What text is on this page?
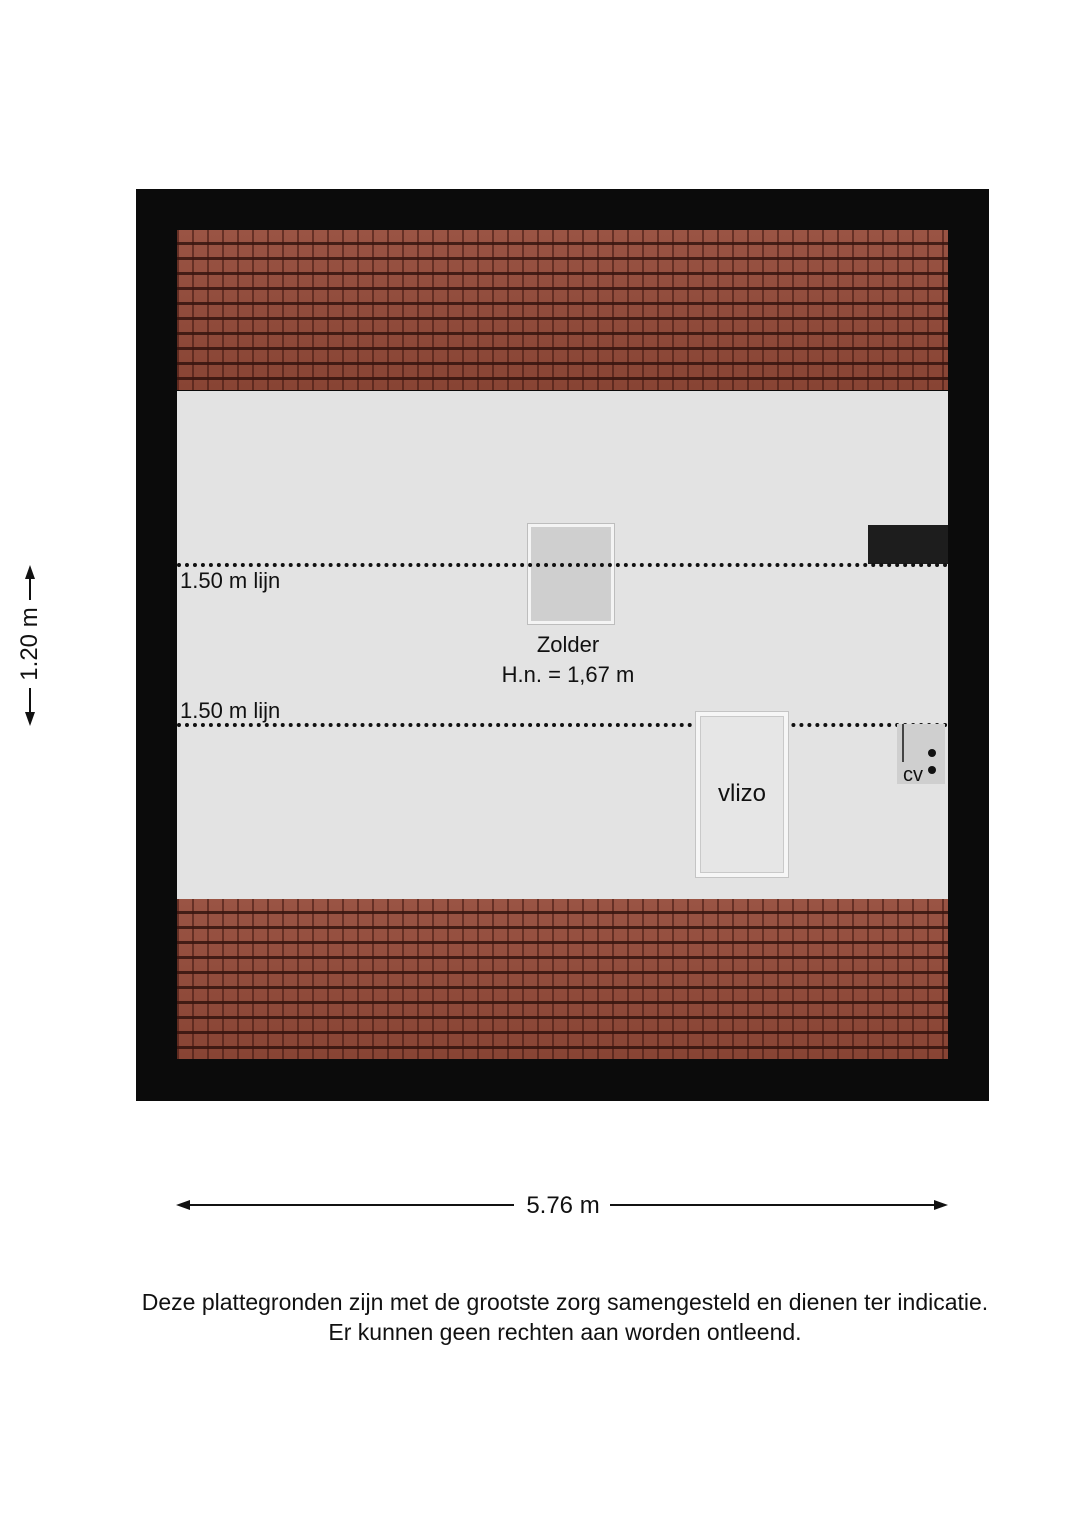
1.50 m lijn
Zolder
H.n. = 1,67 m
1.50 m lijn
vlizo
cv
1.20 m
5.76 m
Deze plattegronden zijn met de grootste zorg samengesteld en dienen ter indicatie.
Er kunnen geen rechten aan worden ontleend.
